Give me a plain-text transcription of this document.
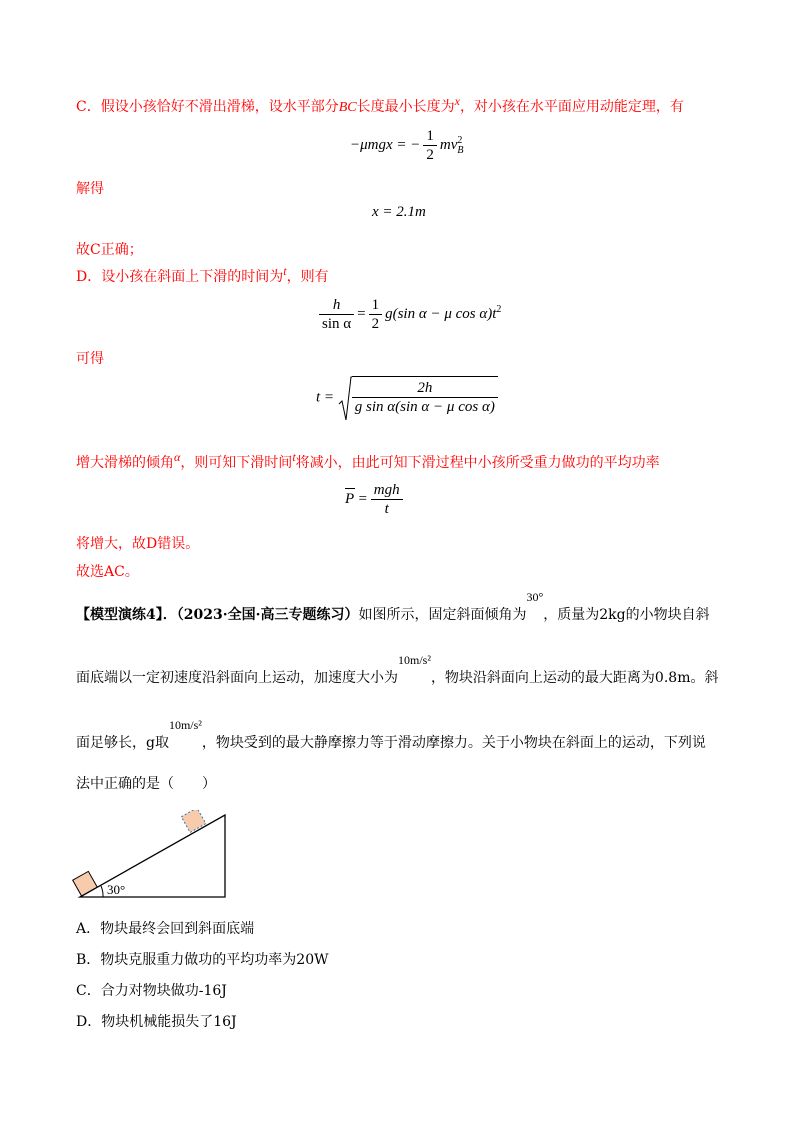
C．假设小孩恰好不滑出滑梯，设水平部分BC长度最小长度为x，对小孩在水平面应用动能定理，有
−μmgx = − $\frac{1}{2}$ mv 2
B
解得
x = 2.1m
故C正确；
D．设小孩在斜面上下滑的时间为t，则有
$\frac{h}{\text{sin α}} = \frac{1}{2} g(\sin$ α − μ $\cos \alpha)t^2$
可得
$t = \frac{2h}{\text{g sin α(sin α − μ cos α)}}$
增大滑梯的倾角α，则可知下滑时间t将减小，由此可知下滑过程中小孩所受重力做功的平均功率
$P = \frac{\text{mgh}}{t}$
将增大，故D错误。
故选AC。
【模型演练4】．（2023·全国·高三专题练习）如图所示，固定斜面倾角为30°，质量为2kg的小物块自斜
面底端以一定初速度沿斜面向上运动，加速度大小为10m/s²，物块沿斜面向上运动的最大距离为0.8m。斜
面足够长，g取10m/s²，物块受到的最大静摩擦力等于滑动摩擦力。关于小物块在斜面上的运动，下列说
法中正确的是（　　）
30°
A．物块最终会回到斜面底端
B．物块克服重力做功的平均功率为20W
C．合力对物块做功-16J
D．物块机械能损失了16J
